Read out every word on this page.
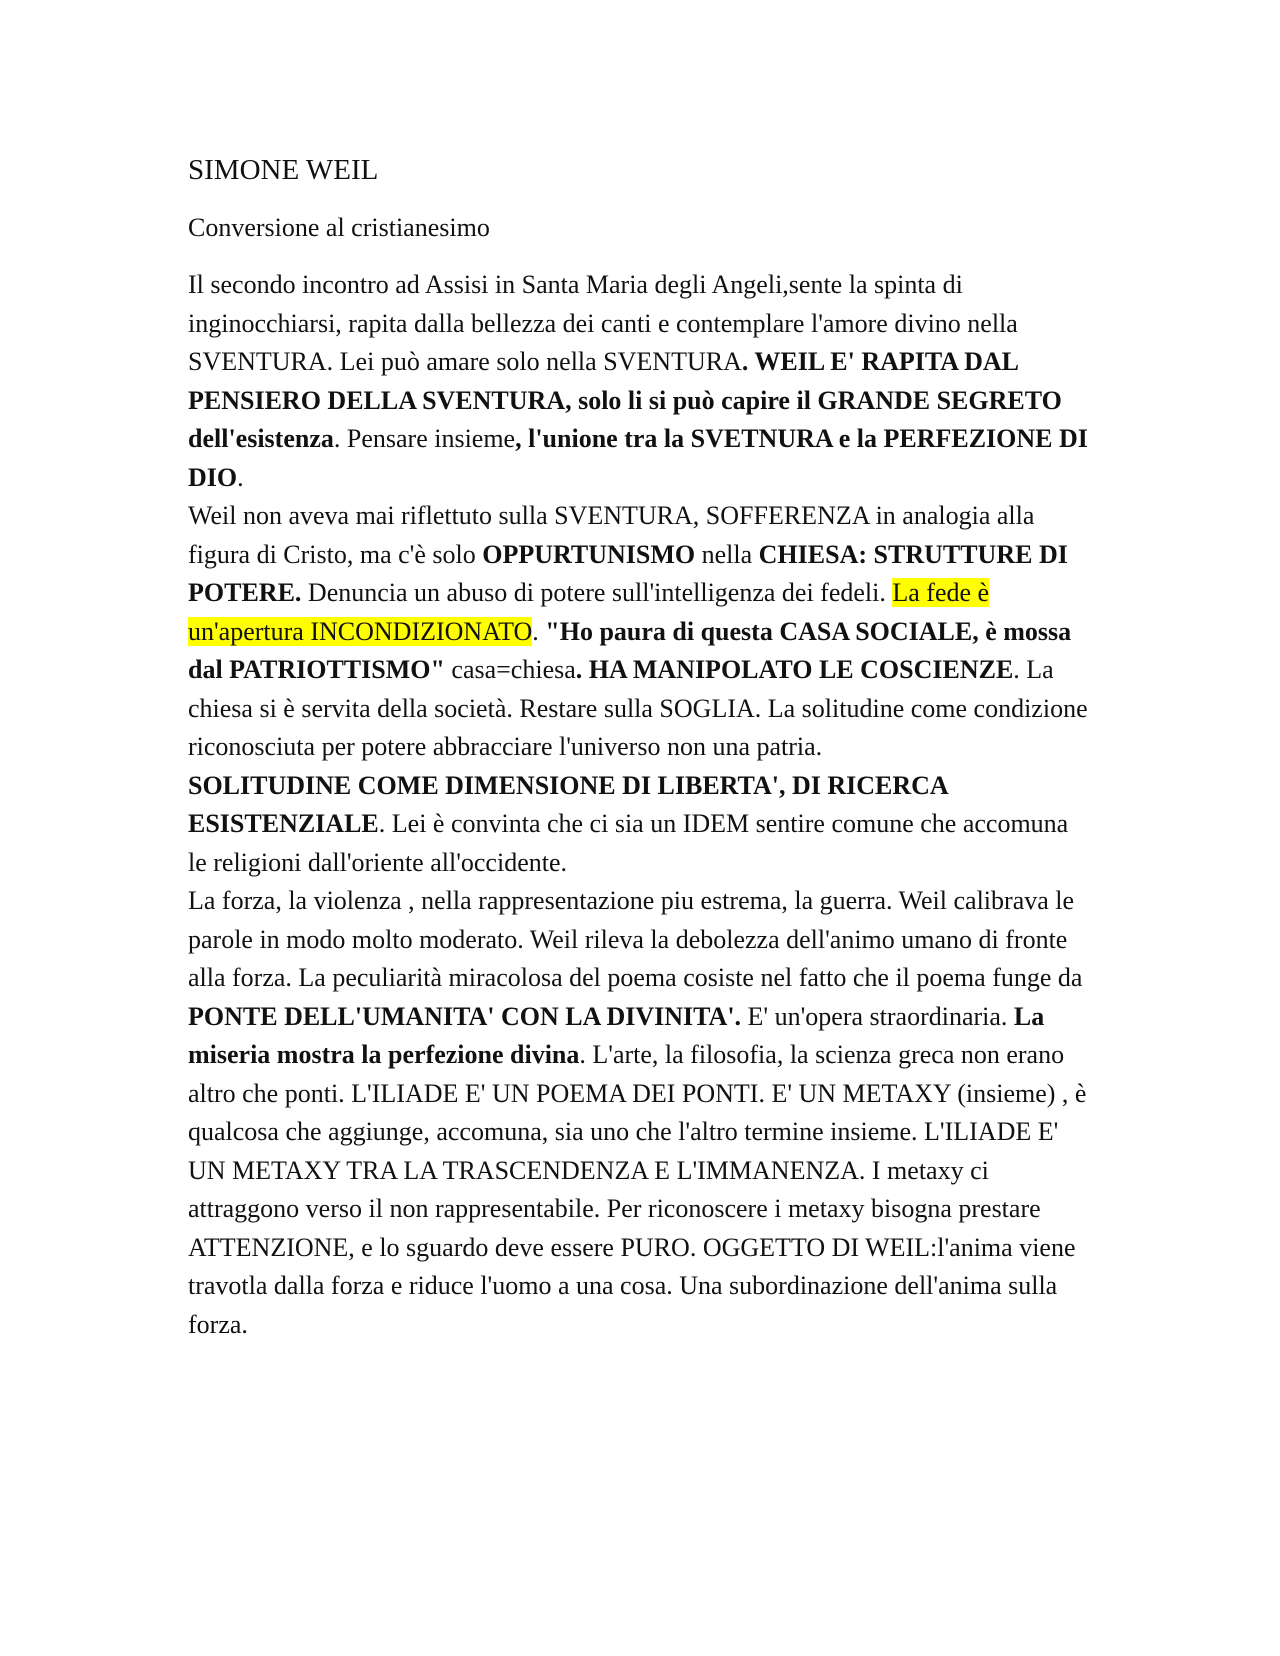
SIMONE WEIL
Conversione al cristianesimo

Il secondo incontro ad Assisi in Santa Maria degli Angeli,sente la spinta di inginocchiarsi, rapita dalla bellezza dei canti e contemplare l'amore divino nella SVENTURA. Lei può amare solo nella SVENTURA. WEIL E' RAPITA DAL PENSIERO DELLA SVENTURA, solo li si può capire il GRANDE SEGRETO dell'esistenza. Pensare insieme, l'unione tra la SVETNURA e la PERFEZIONE DI DIO.

Weil non aveva mai riflettuto sulla SVENTURA, SOFFERENZA in analogia alla figura di Cristo, ma c'è solo OPPURTUNISMO nella CHIESA: STRUTTURE DI POTERE. Denuncia un abuso di potere sull'intelligenza dei fedeli. La fede è un'apertura INCONDIZIONATO. "Ho paura di questa CASA SOCIALE, è mossa dal PATRIOTTISMO" casa=chiesa. HA MANIPOLATO LE COSCIENZE. La chiesa si è servita della società. Restare sulla SOGLIA. La solitudine come condizione riconosciuta per potere abbracciare l'universo non una patria.

SOLITUDINE COME DIMENSIONE DI LIBERTA', DI RICERCA ESISTENZIALE. Lei è convinta che ci sia un IDEM sentire comune che accomuna le religioni dall'oriente all'occidente.

La forza, la violenza , nella rappresentazione piu estrema, la guerra. Weil calibrava le parole in modo molto moderato. Weil rileva la debolezza dell'animo umano di fronte alla forza. La peculiarità miracolosa del poema cosiste nel fatto che il poema funge da PONTE DELL'UMANITA' CON LA DIVINITA'. E' un'opera straordinaria. La miseria mostra la perfezione divina. L'arte, la filosofia, la scienza greca non erano altro che ponti. L'ILIADE E' UN POEMA DEI PONTI. E' UN METAXY (insieme) , è qualcosa che aggiunge, accomuna, sia uno che l'altro termine insieme. L'ILIADE E' UN METAXY TRA LA TRASCENDENZA E L'IMMANENZA. I metaxy ci attraggono verso il non rappresentabile. Per riconoscere i metaxy bisogna prestare ATTENZIONE, e lo sguardo deve essere PURO. OGGETTO DI WEIL:l'anima viene travotla dalla forza e riduce l'uomo a una cosa. Una subordinazione dell'anima sulla forza.
